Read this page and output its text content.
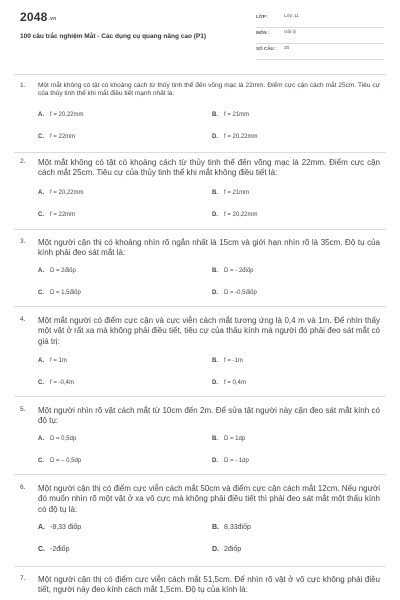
$2048^{.vn}$
100 câu trắc nghiệm Mắt - Các dụng cụ quang nâng cao (P1)
LỚP :	Lớp 11
MÔN :	Vật lý
SỐ CÂU : 20
1. Một mắt không có tật có khoảng cách từ thủy tinh thể đến võng mạc là 22mm. Điểm cực cận cách mắt 25cm. Tiêu cự của thủy tinh thể khi mắt điều tiết mạnh nhất là:
A. f = 20,22mm	B. f = 21mm
C. f = 22mm	D. f = 20,22mm
2. Một mắt không có tật có khoảng cách từ thủy tinh thể đến võng mạc là 22mm. Điểm cực cận cách mắt 25cm. Tiêu cự của thủy tinh thể khi mắt không điều tiết là:
A. f = 20,22mm	B. f = 21mm
C. f = 22mm	D. f = 20,22mm
3. Một người cận thị có khoảng nhìn rõ ngắn nhất là 15cm và giới hạn nhìn rõ là 35cm. Độ tụ của kính phải đeo sát mắt là:
A. D = 2điốp	B. D = - 2điốp
C. D = 1,5điốp	D. D = -0,5điốp
4. Một mắt người có điểm cực cận và cực viễn cách mắt tương ứng là 0,4 m và 1m. Để nhìn thấy một vật ở rất xa mà không phải điều tiết, tiêu cự của thấu kính mà người đó phải đeo sát mắt có giá trị:
A. f = 1m	B. f = -1m
C. f = -0,4m	D. f = 0,4m
5. Một người nhìn rõ vật cách mắt từ 10cm đến 2m. Để sửa tật người này cận đeo sát mắt kính có độ tụ:
A. D = 0,5dp	B. D = 1dp
C. D = – 0,5dp	D. D = - 1dp
6. Một người cận thị có điểm cực viễn cách mắt 50cm và điểm cực cận cách mắt 12cm. Nếu người đó muốn nhìn rõ một vật ở xa vô cực mà không phải điều tiết thì phải đeo sát mắt một thấu kính có độ tụ là:
A. -8,33 điốp	B. 8,33điốp
C. -2điốp	D. 2điốp
7. Một người cận thị có điểm cực viễn cách mắt 51,5cm. Để nhìn rõ vật ở vô cực không phải điều tiết, người này đeo kính cách mắt 1,5cm. Độ tụ của kính là:
